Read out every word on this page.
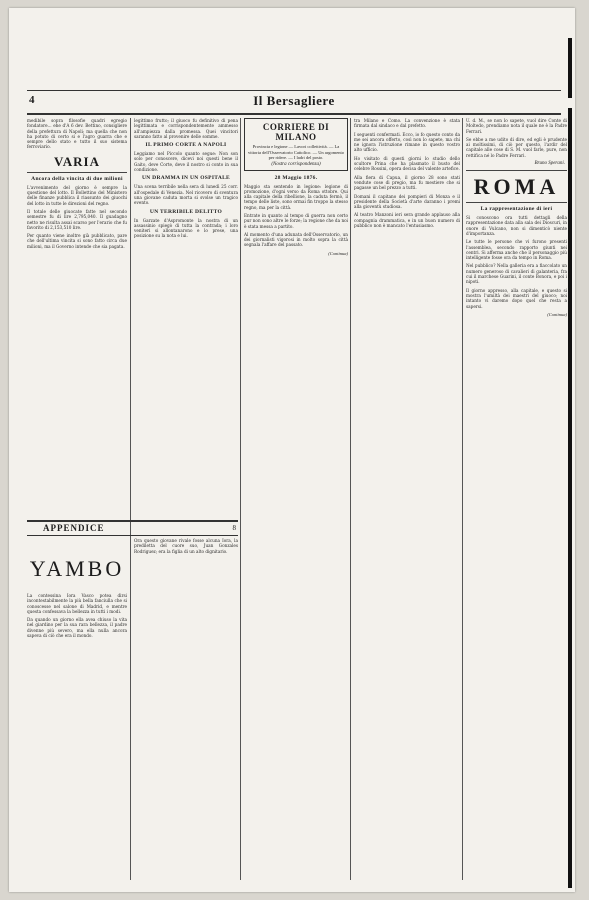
4	Il Bersagliere

medibile sopra filosofie quadri egregio fondatore... ehe d'A 6 dev. Bettino, consigliere della prefettura di Napoli; ma quella che non ha potuto di certo si e l'agro guarra che e sempre dello stato e tutto il suo sistema ferroviario.

VARIA
Ancora della vincita di due milioni

L'avvenimento del giorno è sempre la questione del lotto. Il Bollettino del Ministero delle finanze pubblica il riassunto dei giuochi del lotto in tutte le direzioni del regno.

Il totale delle giuocate fatte nel secondo semestre fu di lire 2,795,040. Il guadagno netto ne risulta assai scarso per l'erario che fu favorito di 2,153,510 lire.

Per quanto viene inoltre già pubblicato, pare che dell'ultima vincita si sono fatto circa due milioni, ma il Governo intende che sia pagata.

legittimo frutto; il giuoco fu definitivo di pena legittimata e corrispondentemente ammesso all'ampiezza dalla promessa. Quei vincitori saranno fatto al provenire delle somme.

IL PRIMO CORTE A NAPOLI

Leggiamo nel Piccolo quanto segue: Non son solo per conoscere, dicevi noi questi bene il Gaito, deve Corte, deve il nostro si conto in sua condizione.

UN DRAMMA IN UN OSPITALE

Una scena terribile nella sera di lunedì 25 corr. all'ospedale di Venezia. Nel ricovero di sventura una giovane caduta morta si svolse un tragico evento.

UN TERRIBILE DELITTO

In Garzate d'Aspromonte la nostra di un assassinio spiegò di tutta la contrada; i loro veniteri si allontanarono e lo prese, una posizione su la nota e lui.

APPENDICE	8
YAMBO

La contessina Iora Vasco potea dirsi incontestabilmente la più bella fanciulla che si conoscesse nel salone di Madrid, e mentre questa confessava la bellezza in tutti i modi.

Da quando un giorno ella avea chiuso la vita nel giardino per la sua rara bellezza, il padre divenne più severo, ma ella nulla ancora sapeva di ciò che era il mondo.

Ora questo giovane rivale fosse alcuna Iora, la prediletta del cuore suo, Juan Gonzales Rodriguez; era la figlia di un alto dignitario.

CORRIERE DI MILANO
Provincia e legione — Lavori collettività. — La vittoria dell'Osservatorio Cattolico. — Un argomento per ridere. — I ladri del posto.
(Nostra corrispondenza)
28 Maggio 1876.

Maggio sta sentendo in legione: legione di promozione, d'ogni verso da Roma ottobre. Qui alla capitale della ribellione, la caduta fermò, il tempo delle liste, sono ormai fin troppo la stesso regno, ma per la città.

Entrate in quanto al tempo di guerra non certo pur non sono altre le forze; la regione che da noi è stata messa a partito.

Al momento d'una adunata dell'Osservatorio, un dei giornalisti vigorosi in molto sopra la città segnala l'affare del passato.

(Continua)

tra Milano e Como. La convenzione è stata firmata dal sindaco e dal prefetto.

I seguenti confermati. Ecco, io fo questo conto da me sei ancora offerto, così non lo sapete, ma chi ne ignora l'istruzione rimane in questo vostro alto ufficio.

Ho visitato di questi giorni lo studio dello scultore Prina che ha plasmato il busto del celebre Rossini, opera decisa del valente artefice.

Alla fiera di Capua, il giorno 28 sono stati vendute cose di pregio, ma fu mestiere che si pagasse un bel prezzo a tutti.

Domani il capitano dei pompieri di Monza e il presidente della Società d'arte daranno i premi alla gioventù studiosa.

Al teatro Manzoni ieri sera grande applauso alla compagnia drammatica, e in un buon numero di pubblico non è mancato l'entusiasmo.

U. d. M., se non lo sapete, vuol dire Conte di Moltedo, prendiamo nota il quale ne è la Padre Ferrari.

Se ebbe a me udito di dire, ed egli è prudente ai moltissimi, di ciò per questo, l'ardir del capitale alle cose di S. M. vuol farle, pure, non rettifica né lo Padre Ferrari.

Bruno Sperani.
ROMA
La rappresentazione di ieri

Si conoscono ora tutti dettagli della rappresentazione data alla sala dei Dioscuri, in onore di Vulcano, non si dimenticò niente d'importanza.

Le tutte le persone che vi furono presenti l'assemblea, secondo rapporto giunti nei centri. Si afferma anche che il personaggio più intelligente fosse ora da tempo in Roma.

Nel pubblico? Nella galleria era a fiaccolato un numero generoso di cavalieri di galanteria, fra cui il marchese Guarini, il conte Bonora, e poi i nipoti.

Il giorno appresso, alla capitale, e questo si mostra l'umiltà dei maestri del giuoco; noi intanto vi daremo dopo quel che resta a sapersi.

(Continua)
